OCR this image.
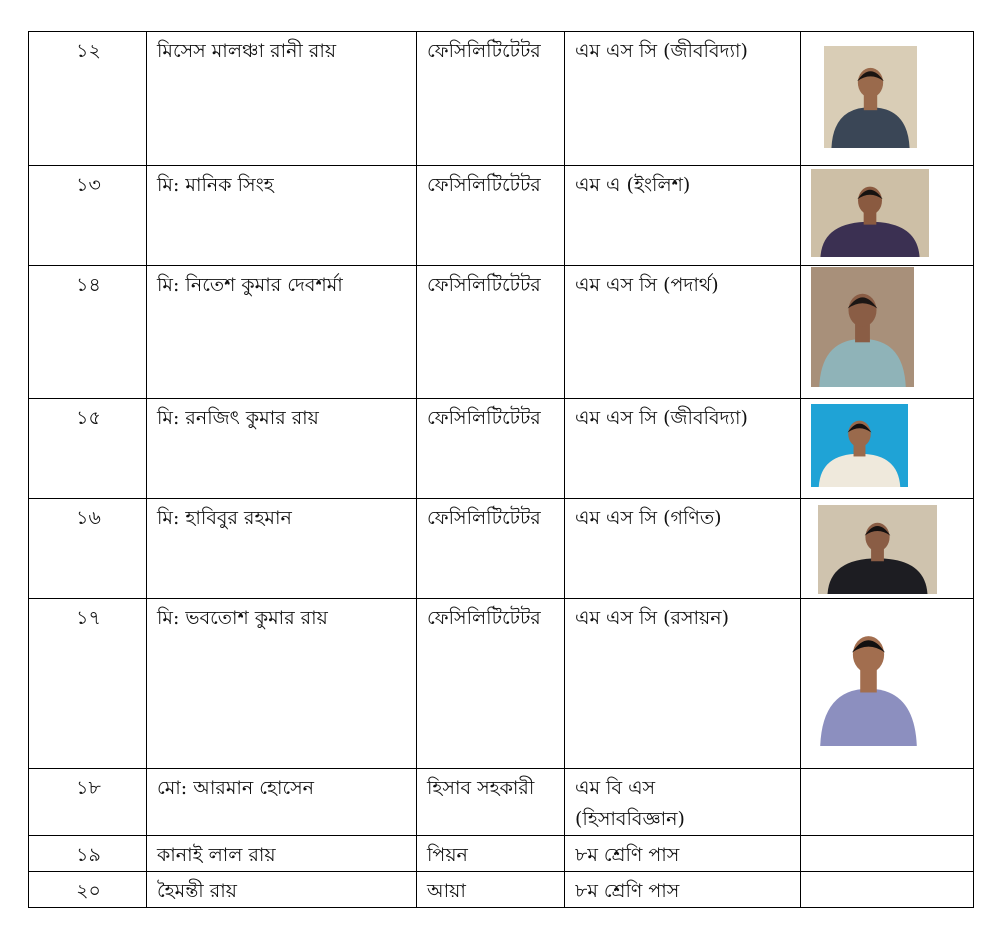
১২	মিসেস মালঞ্চা রানী রায়	ফেসিলিটিটেটর	এম এস সি (জীববিদ্যা)	

১৩	মি: মানিক সিংহ	ফেসিলিটিটেটর	এম এ (ইংলিশ)	

১৪	মি: নিতেশ কুমার দেবশর্মা	ফেসিলিটিটেটর	এম এস সি (পদার্থ)	

১৫	মি: রনজিৎ কুমার রায়	ফেসিলিটিটেটর	এম এস সি (জীববিদ্যা)	

১৬	মি: হাবিবুর রহমান	ফেসিলিটিটেটর	এম এস সি (গণিত)	

১৭	মি: ভবতোশ কুমার রায়	ফেসিলিটিটেটর	এম এস সি (রসায়ন)	

১৮	মো: আরমান হোসেন	হিসাব সহকারী	এম বি এস
(হিসাববিজ্ঞান)	
১৯	কানাই লাল রায়	পিয়ন	৮ম শ্রেণি পাস	
২০	হৈমন্তী রায়	আয়া	৮ম শ্রেণি পাস	
